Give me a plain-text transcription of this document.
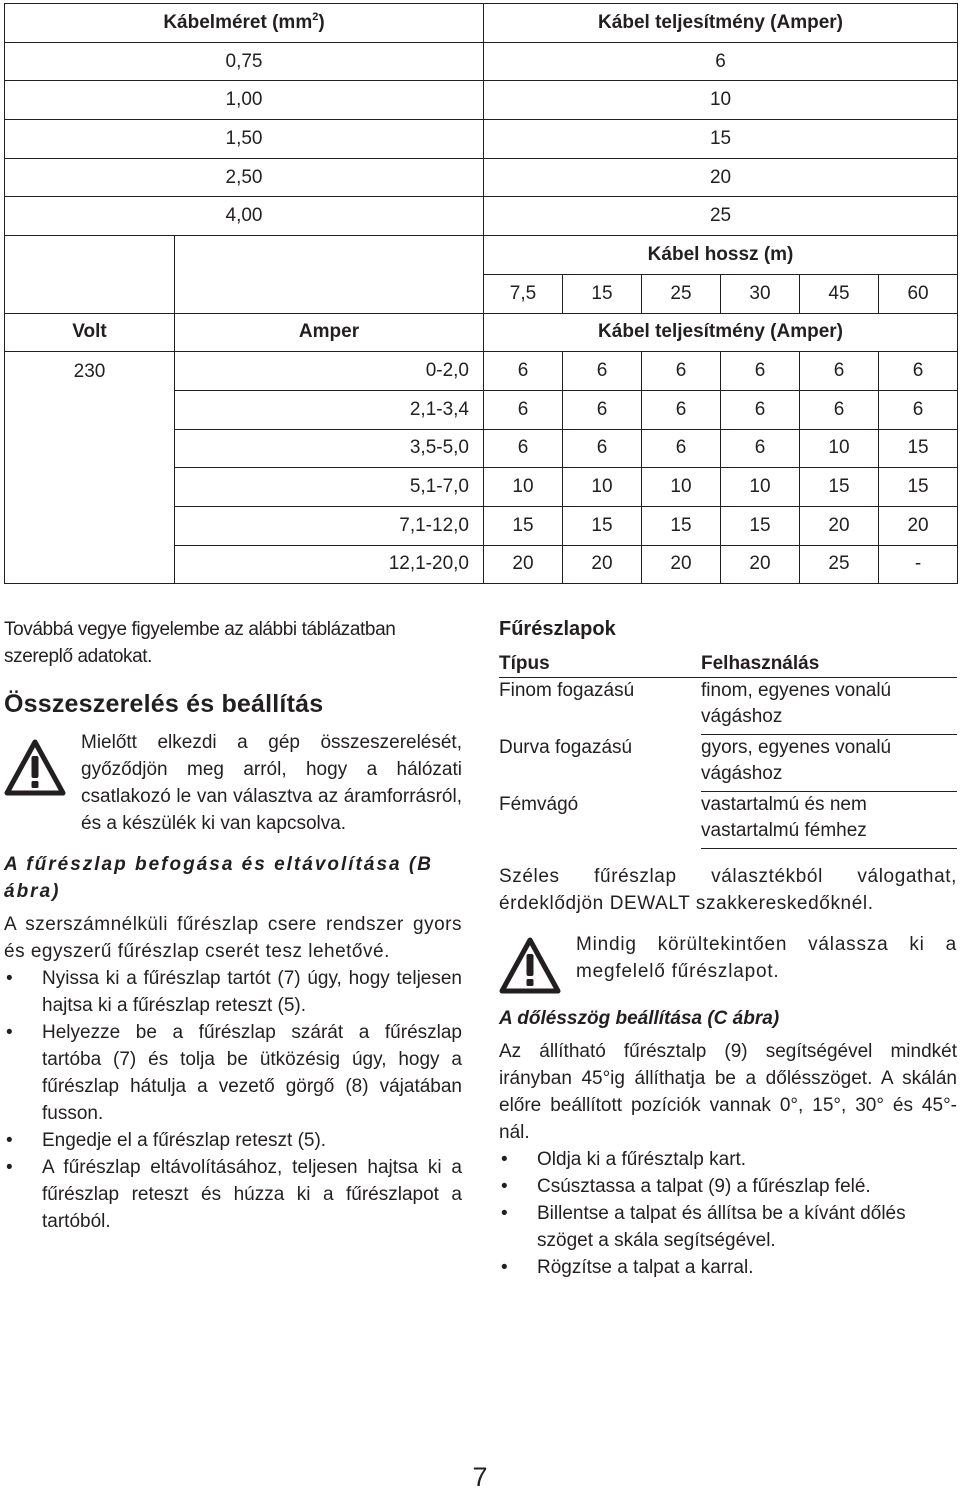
Kábelméret $(mm^2)$		Kábel teljesítmény (Amper)					
0,75		6					
1,00		10					
1,50		15					
2,50		20					
4,00		25					
		Kábel hossz (m)					
		7,5	15	25	30	45	60
Volt	Amper	Kábel teljesítmény (Amper)					
230	0-2,0	6	6	6	6	6	6
	2,1-3,4	6	6	6	6	6	6
	3,5-5,0	6	6	6	6	10	15
	5,1-7,0	10	10	10	10	15	15
	7,1-12,0	15	15	15	15	20	20
	12,1-20,0	20	20	20	20	25	-

Továbbá vegye figyelembe az alábbi táblázatban szereplő adatokat.

Összeszerelés és beállítás

Mielőtt elkezdi a gép összeszerelését, győződjön meg arról, hogy a hálózati csatlakozó le van választva az áramforrásról, és a készülék ki van kapcsolva.

A fűrészlap befogása és eltávolítása (B ábra)

A szerszámnélküli fűrészlap csere rendszer gyors és egyszerű fűrészlap cserét tesz lehetővé.

• Nyissa ki a fűrészlap tartót (7) úgy, hogy teljesen hajtsa ki a fűrészlap reteszt (5).
• Helyezze be a fűrészlap szárát a fűrészlap tartóba (7) és tolja be ütközésig úgy, hogy a fűrészlap hátulja a vezető görgő (8) vájatában fusson.
• Engedje el a fűrészlap reteszt (5).
• A fűrészlap eltávolításához, teljesen hajtsa ki a fűrészlap reteszt és húzza ki a fűrészlapot a tartóból.

Fűrészlapok

Típus	Felhasználás
Finom fogazású	finom, egyenes vonalú vágáshoz
Durva fogazású	gyors, egyenes vonalú vágáshoz
Fémvágó	vastartalmú és nem vastartalmú fémhez

Széles fűrészlap választékból válogathat, érdeklődjön DEWALT szakkereskedőknél.

Mindig körültekintően válassza ki a megfelelő fűrészlapot.

A dőlésszög beállítása (C ábra)

Az állítható fűrésztalp (9) segítségével mindkét irányban 45°ig állíthatja be a dőlésszöget. A skálán előre beállított pozíciók vannak 0°, 15°, 30° és 45°-nál.

• Oldja ki a fűrésztalp kart.
• Csúsztassa a talpat (9) a fűrészlap felé.
• Billentse a talpat és állítsa be a kívánt dőlés szöget a skála segítségével.
• Rögzítse a talpat a karral.
7
